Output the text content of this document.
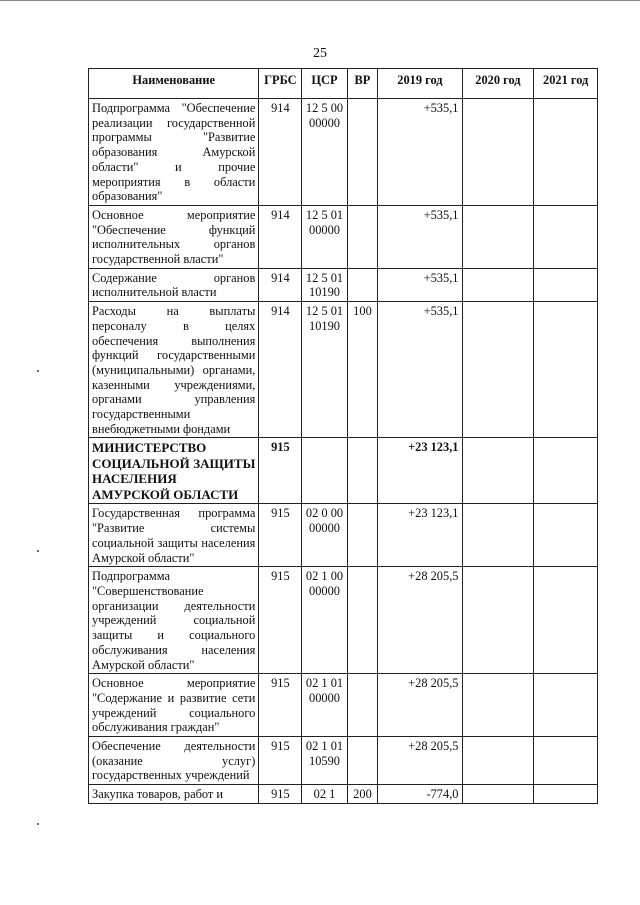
25
Наименование	ГРБС	ЦСР	ВР	2019 год	2020 год	2021 год
Подпрограмма "Обеспечение реализации государственной программы "Развитие образования Амурской области" и прочие мероприятия в области образования"	914	12 5 00 00000		+535,1		
Основное мероприятие "Обеспечение функций исполнительных органов государственной власти"	914	12 5 01 00000		+535,1		
Содержание органов исполнительной власти	914	12 5 01 10190		+535,1		
Расходы на выплаты персоналу в целях обеспечения выполнения функций государственными (муниципальными) органами, казенными учреждениями, органами управления государственными внебюджетными фондами	914	12 5 01 10190	100	+535,1		
МИНИСТЕРСТВО СОЦИАЛЬНОЙ ЗАЩИТЫ НАСЕЛЕНИЯ АМУРСКОЙ ОБЛАСТИ	915			+23 123,1		
Государственная программа "Развитие системы социальной защиты населения Амурской области"	915	02 0 00 00000		+23 123,1		
Подпрограмма "Совершенствование организации деятельности учреждений социальной защиты и социального обслуживания населения Амурской области"	915	02 1 00 00000		+28 205,5		
Основное мероприятие "Содержание и развитие сети учреждений социального обслуживания граждан"	915	02 1 01 00000		+28 205,5		
Обеспечение деятельности (оказание услуг) государственных учреждений	915	02 1 01 10590		+28 205,5		
Закупка товаров, работ и	915	02 1	200	-774,0		
